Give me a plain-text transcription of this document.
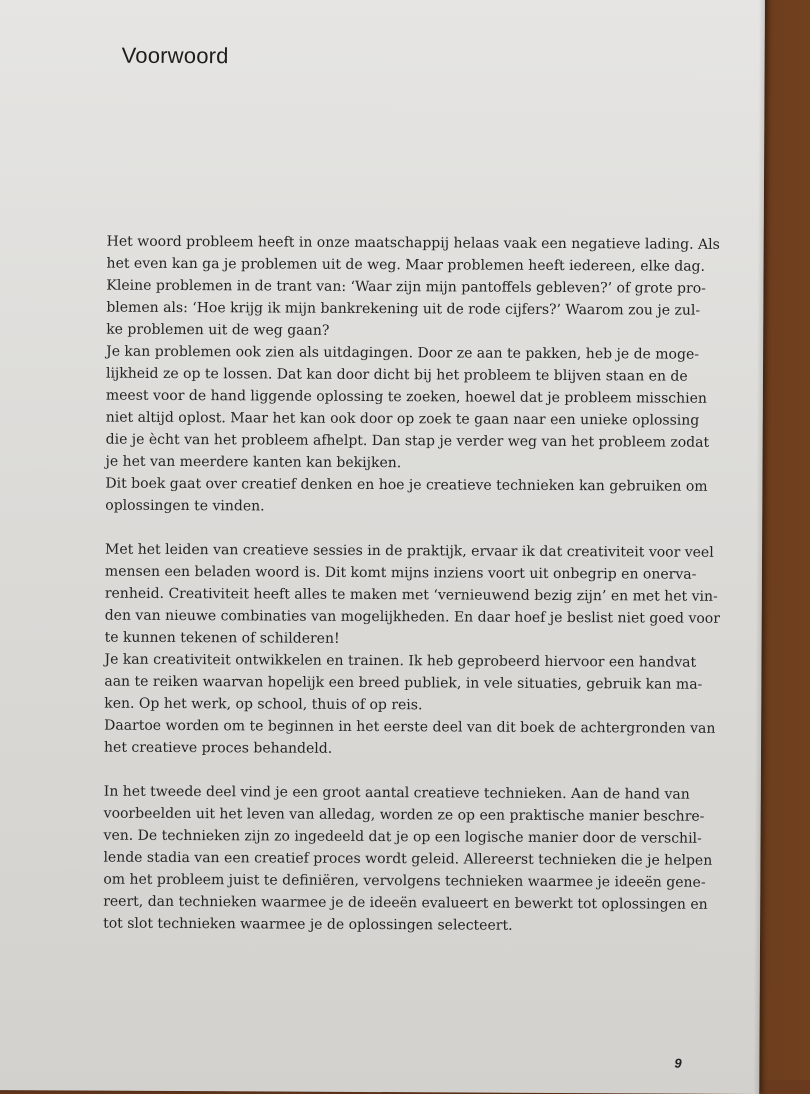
Voorwoord

Het woord probleem heeft in onze maatschappij helaas vaak een negatieve lading. Als
het even kan ga je problemen uit de weg. Maar problemen heeft iedereen, elke dag.
Kleine problemen in de trant van: ‘Waar zijn mijn pantoffels gebleven?’ of grote pro-
blemen als: ‘Hoe krijg ik mijn bankrekening uit de rode cijfers?’ Waarom zou je zul-
ke problemen uit de weg gaan?
Je kan problemen ook zien als uitdagingen. Door ze aan te pakken, heb je de moge-
lijkheid ze op te lossen. Dat kan door dicht bij het probleem te blijven staan en de
meest voor de hand liggende oplossing te zoeken, hoewel dat je probleem misschien
niet altijd oplost. Maar het kan ook door op zoek te gaan naar een unieke oplossing
die je ècht van het probleem afhelpt. Dan stap je verder weg van het probleem zodat
je het van meerdere kanten kan bekijken.
Dit boek gaat over creatief denken en hoe je creatieve technieken kan gebruiken om
oplossingen te vinden.

Met het leiden van creatieve sessies in de praktijk, ervaar ik dat creativiteit voor veel
mensen een beladen woord is. Dit komt mijns inziens voort uit onbegrip en onerva-
renheid. Creativiteit heeft alles te maken met ‘vernieuwend bezig zijn’ en met het vin-
den van nieuwe combinaties van mogelijkheden. En daar hoef je beslist niet goed voor
te kunnen tekenen of schilderen!
Je kan creativiteit ontwikkelen en trainen. Ik heb geprobeerd hiervoor een handvat
aan te reiken waarvan hopelijk een breed publiek, in vele situaties, gebruik kan ma-
ken. Op het werk, op school, thuis of op reis.
Daartoe worden om te beginnen in het eerste deel van dit boek de achtergronden van
het creatieve proces behandeld.

In het tweede deel vind je een groot aantal creatieve technieken. Aan de hand van
voorbeelden uit het leven van alledag, worden ze op een praktische manier beschre-
ven. De technieken zijn zo ingedeeld dat je op een logische manier door de verschil-
lende stadia van een creatief proces wordt geleid. Allereerst technieken die je helpen
om het probleem juist te definiëren, vervolgens technieken waarmee je ideeën gene-
reert, dan technieken waarmee je de ideeën evalueert en bewerkt tot oplossingen en
tot slot technieken waarmee je de oplossingen selecteert.

9
